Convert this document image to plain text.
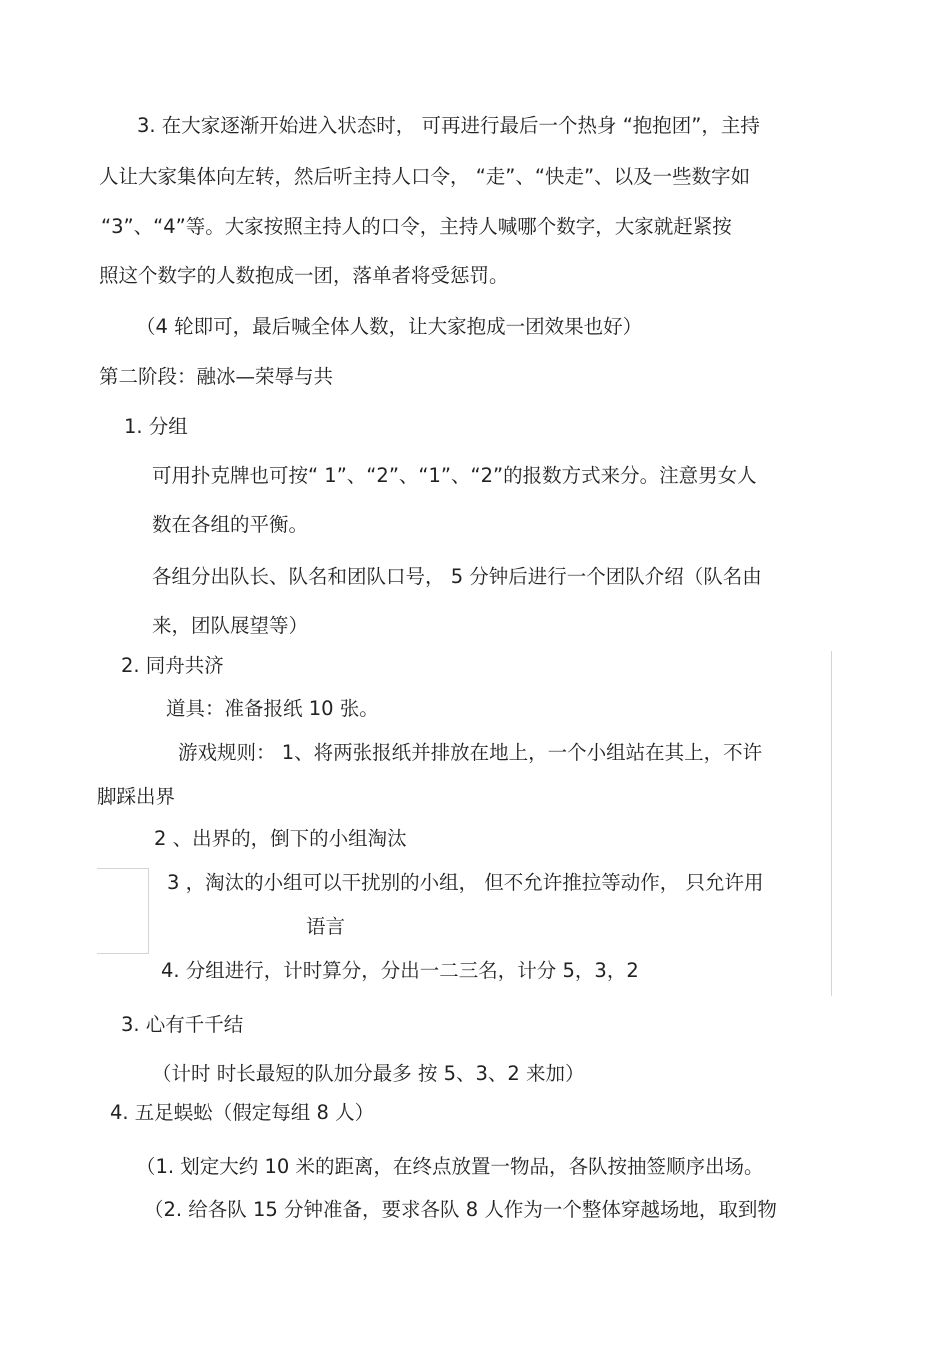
3. 在大家逐渐开始进入状态时， 可再进行最后一个热身 “抱抱团”，主持
人让大家集体向左转，然后听主持人口令， “走”、“快走”、以及一些数字如
“3”、“4”等。大家按照主持人的口令，主持人喊哪个数字，大家就赶紧按
照这个数字的人数抱成一团，落单者将受惩罚。
（4 轮即可，最后喊全体人数，让大家抱成一团效果也好）
第二阶段：融冰—荣辱与共
1. 分组
可用扑克牌也可按“ 1”、“2”、“1”、“2”的报数方式来分。注意男女人
数在各组的平衡。
各组分出队长、队名和团队口号， 5 分钟后进行一个团队介绍（队名由
来，团队展望等）
2. 同舟共济
道具：准备报纸 10 张。
游戏规则： 1、将两张报纸并排放在地上，一个小组站在其上，不许
脚踩出界
2 、出界的，倒下的小组淘汰
3 ，淘汰的小组可以干扰别的小组， 但不允许推拉等动作， 只允许用
语言
4. 分组进行，计时算分，分出一二三名，计分 5，3，2
3. 心有千千结
（计时 时长最短的队加分最多 按 5、3、2 来加）
4. 五足蜈蚣（假定每组 8 人）
（1. 划定大约 10 米的距离，在终点放置一物品，各队按抽签顺序出场。
（2. 给各队 15 分钟准备，要求各队 8 人作为一个整体穿越场地，取到物
